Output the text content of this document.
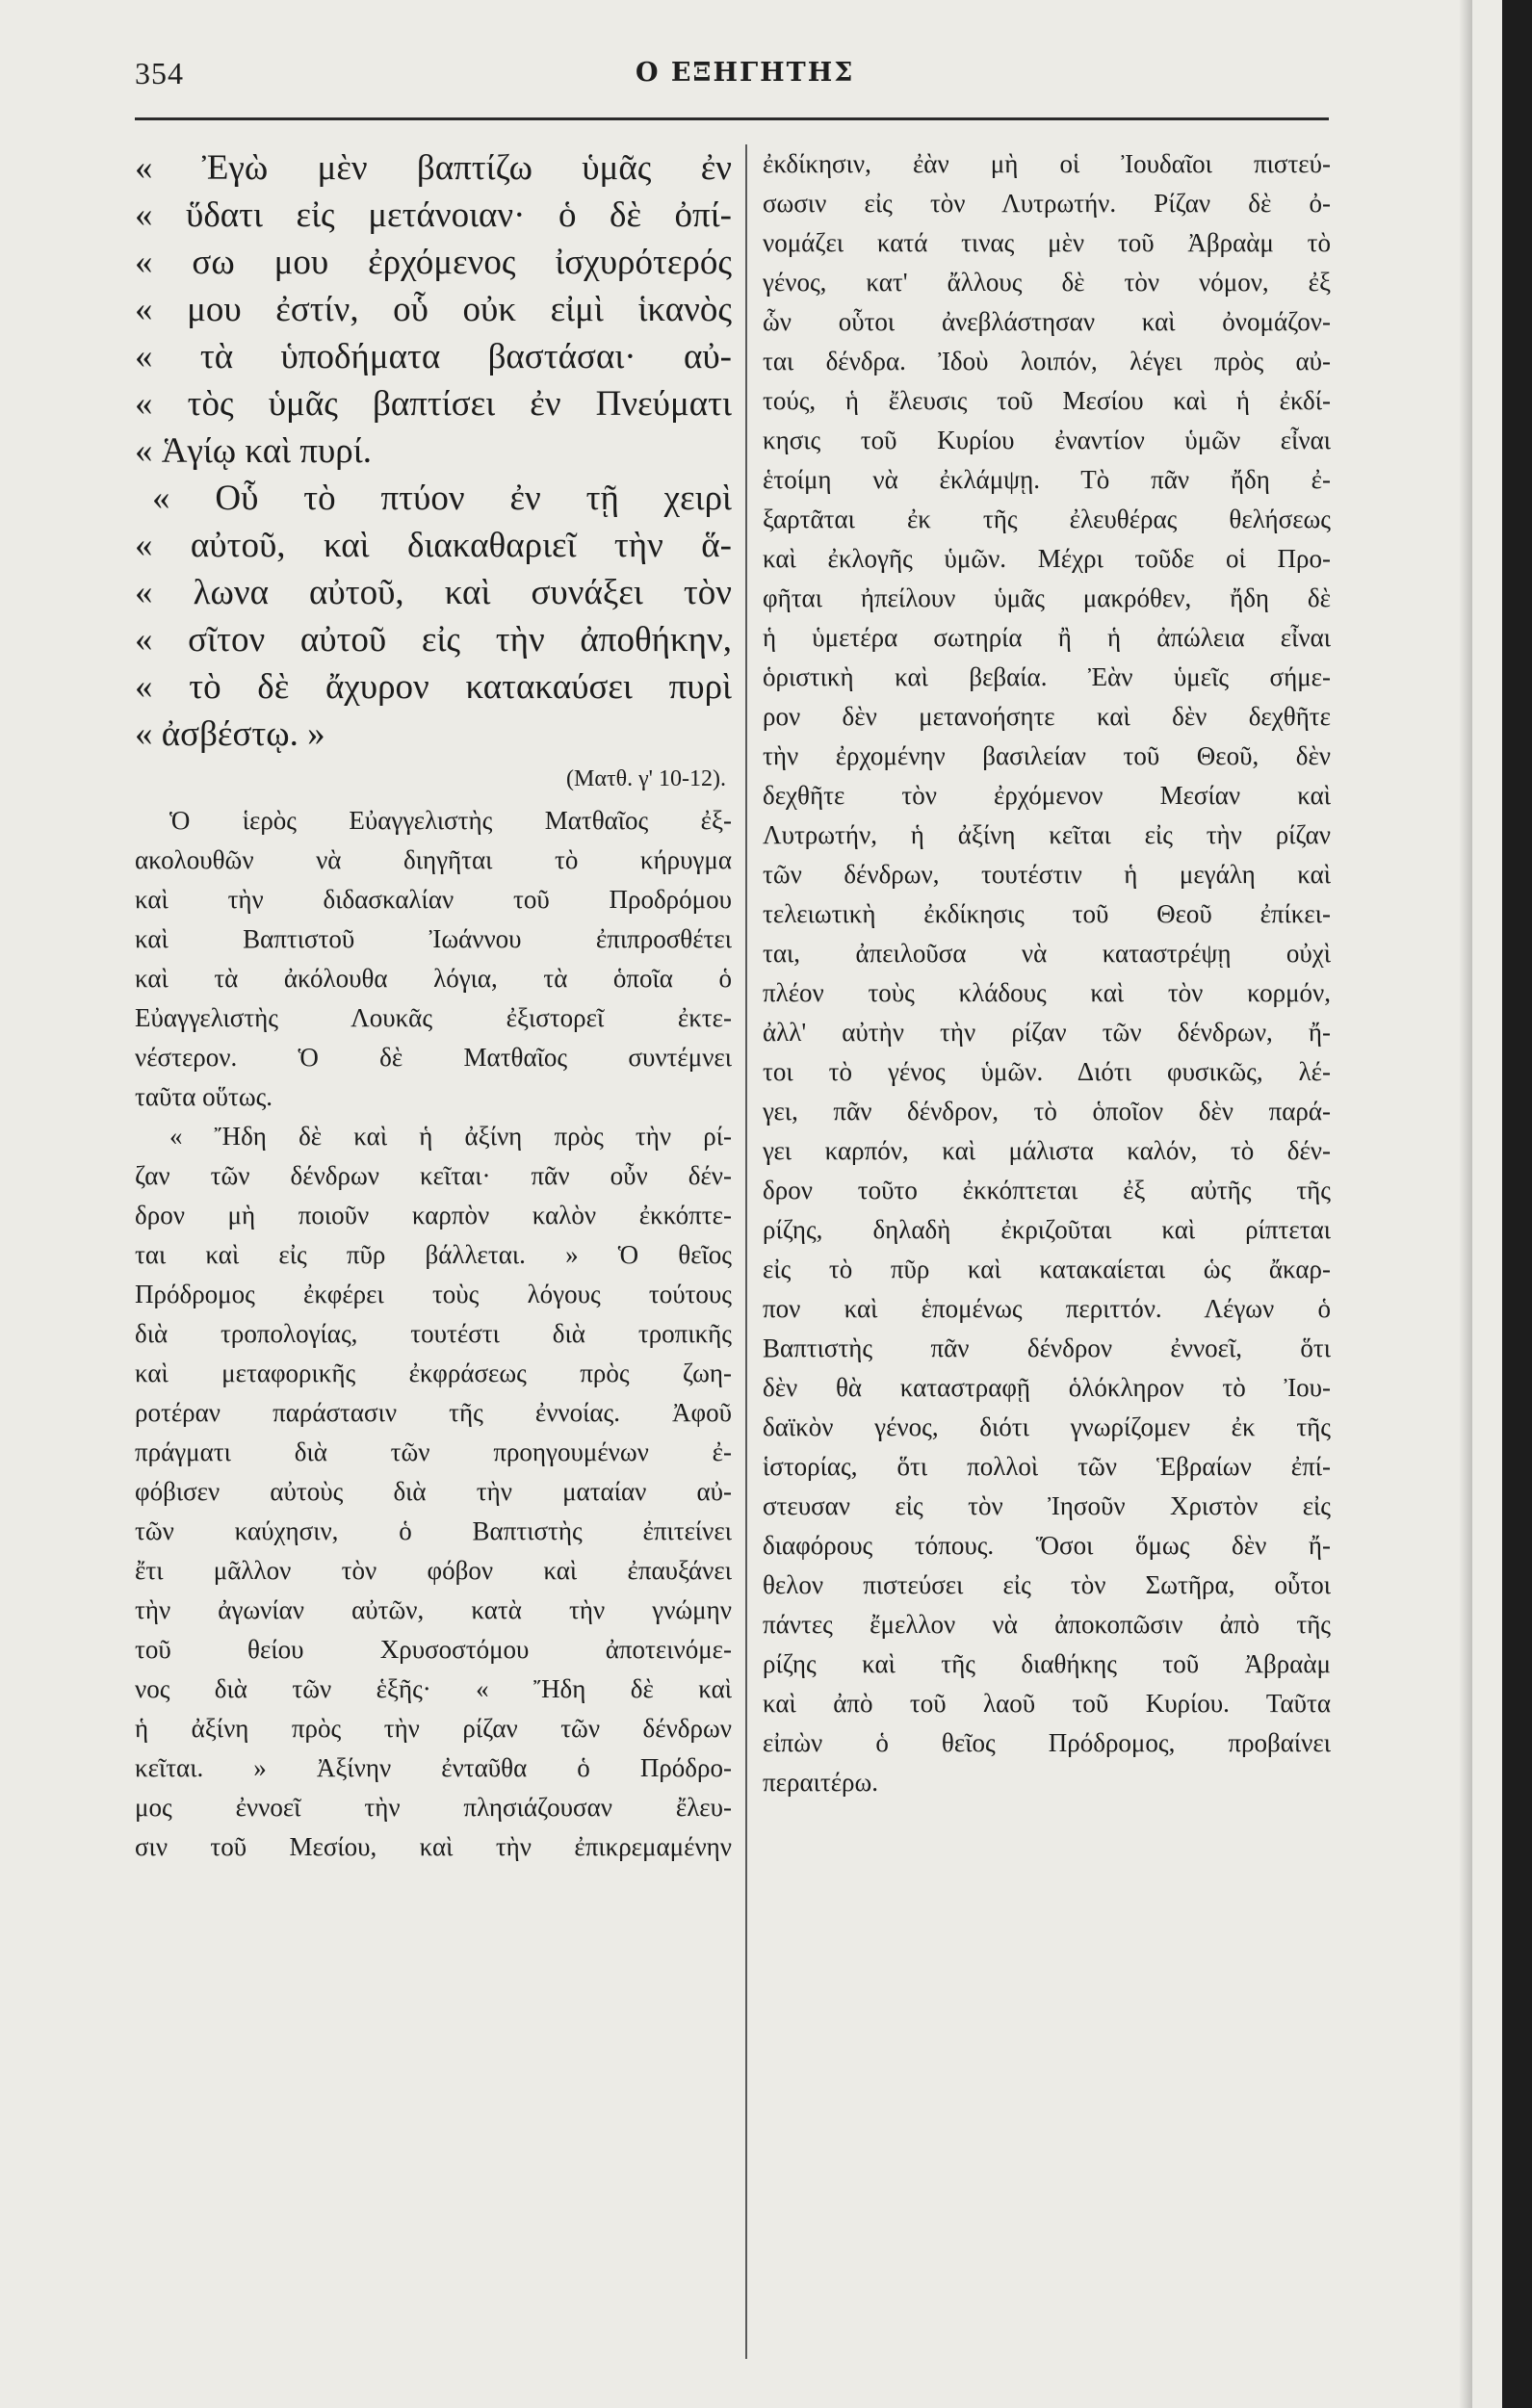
354	Ο ΕΞΗΓΗΤΗΣ
« Ἐγὼ μὲν βαπτίζω ὑμᾶς ἐν
« ὕδατι εἰς μετάνοιαν· ὁ δὲ ὀπί-
« σω μου ἐρχόμενος ἰσχυρότερός
« μου ἐστίν, οὗ οὐκ εἰμὶ ἱκανὸς
« τὰ ὑποδήματα βαστάσαι· αὐ-
« τὸς ὑμᾶς βαπτίσει ἐν Πνεύματι
« Ἁγίῳ καὶ πυρί.
« Οὗ τὸ πτύον ἐν τῇ χειρὶ
« αὐτοῦ, καὶ διακαθαριεῖ τὴν ἅ-
« λωνα αὐτοῦ, καὶ συνάξει τὸν
« σῖτον αὐτοῦ εἰς τὴν ἀποθήκην,
« τὸ δὲ ἄχυρον κατακαύσει πυρὶ
« ἀσβέστῳ. »
(Ματθ. γ' 10-12).
Ὁ ἱερὸς Εὐαγγελιστὴς Ματθαῖος ἐξ-
ακολουθῶν νὰ διηγῆται τὸ κήρυγμα
καὶ τὴν διδασκαλίαν τοῦ Προδρόμου
καὶ Βαπτιστοῦ Ἰωάννου ἐπιπροσθέτει
καὶ τὰ ἀκόλουθα λόγια, τὰ ὁποῖα ὁ
Εὐαγγελιστὴς Λουκᾶς ἐξιστορεῖ ἐκτε-
νέστερον. Ὁ δὲ Ματθαῖος συντέμνει
ταῦτα οὕτως.
« Ἤδη δὲ καὶ ἡ ἀξίνη πρὸς τὴν ρί-
ζαν τῶν δένδρων κεῖται· πᾶν οὖν δέν-
δρον μὴ ποιοῦν καρπὸν καλὸν ἐκκόπτε-
ται καὶ εἰς πῦρ βάλλεται. » Ὁ θεῖος
Πρόδρομος ἐκφέρει τοὺς λόγους τούτους
διὰ τροπολογίας, τουτέστι διὰ τροπικῆς
καὶ μεταφορικῆς ἐκφράσεως πρὸς ζωη-
ροτέραν παράστασιν τῆς ἐννοίας. Ἀφοῦ
πράγματι διὰ τῶν προηγουμένων ἐ-
φόβισεν αὐτοὺς διὰ τὴν ματαίαν αὐ-
τῶν καύχησιν, ὁ Βαπτιστὴς ἐπιτείνει
ἔτι μᾶλλον τὸν φόβον καὶ ἐπαυξάνει
τὴν ἀγωνίαν αὐτῶν, κατὰ τὴν γνώμην
τοῦ θείου Χρυσοστόμου ἀποτεινόμε-
νος διὰ τῶν ἑξῆς· « Ἤδη δὲ καὶ
ἡ ἀξίνη πρὸς τὴν ρίζαν τῶν δένδρων
κεῖται. » Ἀξίνην ἐνταῦθα ὁ Πρόδρο-
μος ἐννοεῖ τὴν πλησιάζουσαν ἔλευ-
σιν τοῦ Μεσίου, καὶ τὴν ἐπικρεμαμένην
ἐκδίκησιν, ἐὰν μὴ οἱ Ἰουδαῖοι πιστεύ-
σωσιν εἰς τὸν Λυτρωτήν. Ρίζαν δὲ ὀ-
νομάζει κατά τινας μὲν τοῦ Ἀβραὰμ τὸ
γένος, κατ' ἄλλους δὲ τὸν νόμον, ἐξ
ὧν οὗτοι ἀνεβλάστησαν καὶ ὀνομάζον-
ται δένδρα. Ἰδοὺ λοιπόν, λέγει πρὸς αὐ-
τούς, ἡ ἔλευσις τοῦ Μεσίου καὶ ἡ ἐκδί-
κησις τοῦ Κυρίου ἐναντίον ὑμῶν εἶναι
ἑτοίμη νὰ ἐκλάμψῃ. Τὸ πᾶν ἤδη ἐ-
ξαρτᾶται ἐκ τῆς ἐλευθέρας θελήσεως
καὶ ἐκλογῆς ὑμῶν. Μέχρι τοῦδε οἱ Προ-
φῆται ἠπείλουν ὑμᾶς μακρόθεν, ἤδη δὲ
ἡ ὑμετέρα σωτηρία ἢ ἡ ἀπώλεια εἶναι
ὁριστικὴ καὶ βεβαία. Ἐὰν ὑμεῖς σήμε-
ρον δὲν μετανοήσητε καὶ δὲν δεχθῆτε
τὴν ἐρχομένην βασιλείαν τοῦ Θεοῦ, δὲν
δεχθῆτε τὸν ἐρχόμενον Μεσίαν καὶ
Λυτρωτήν, ἡ ἀξίνη κεῖται εἰς τὴν ρίζαν
τῶν δένδρων, τουτέστιν ἡ μεγάλη καὶ
τελειωτικὴ ἐκδίκησις τοῦ Θεοῦ ἐπίκει-
ται, ἀπειλοῦσα νὰ καταστρέψῃ οὐχὶ
πλέον τοὺς κλάδους καὶ τὸν κορμόν,
ἀλλ' αὐτὴν τὴν ρίζαν τῶν δένδρων, ἤ-
τοι τὸ γένος ὑμῶν. Διότι φυσικῶς, λέ-
γει, πᾶν δένδρον, τὸ ὁποῖον δὲν παρά-
γει καρπόν, καὶ μάλιστα καλόν, τὸ δέν-
δρον τοῦτο ἐκκόπτεται ἐξ αὐτῆς τῆς
ρίζης, δηλαδὴ ἐκριζοῦται καὶ ρίπτεται
εἰς τὸ πῦρ καὶ κατακαίεται ὡς ἄκαρ-
πον καὶ ἑπομένως περιττόν. Λέγων ὁ
Βαπτιστὴς πᾶν δένδρον ἐννοεῖ, ὅτι
δὲν θὰ καταστραφῇ ὁλόκληρον τὸ Ἰου-
δαϊκὸν γένος, διότι γνωρίζομεν ἐκ τῆς
ἱστορίας, ὅτι πολλοὶ τῶν Ἑβραίων ἐπί-
στευσαν εἰς τὸν Ἰησοῦν Χριστὸν εἰς
διαφόρους τόπους. Ὅσοι ὅμως δὲν ἤ-
θελον πιστεύσει εἰς τὸν Σωτῆρα, οὗτοι
πάντες ἔμελλον νὰ ἀποκοπῶσιν ἀπὸ τῆς
ρίζης καὶ τῆς διαθήκης τοῦ Ἀβραὰμ
καὶ ἀπὸ τοῦ λαοῦ τοῦ Κυρίου. Ταῦτα
εἰπὼν ὁ θεῖος Πρόδρομος, προβαίνει
περαιτέρω.
